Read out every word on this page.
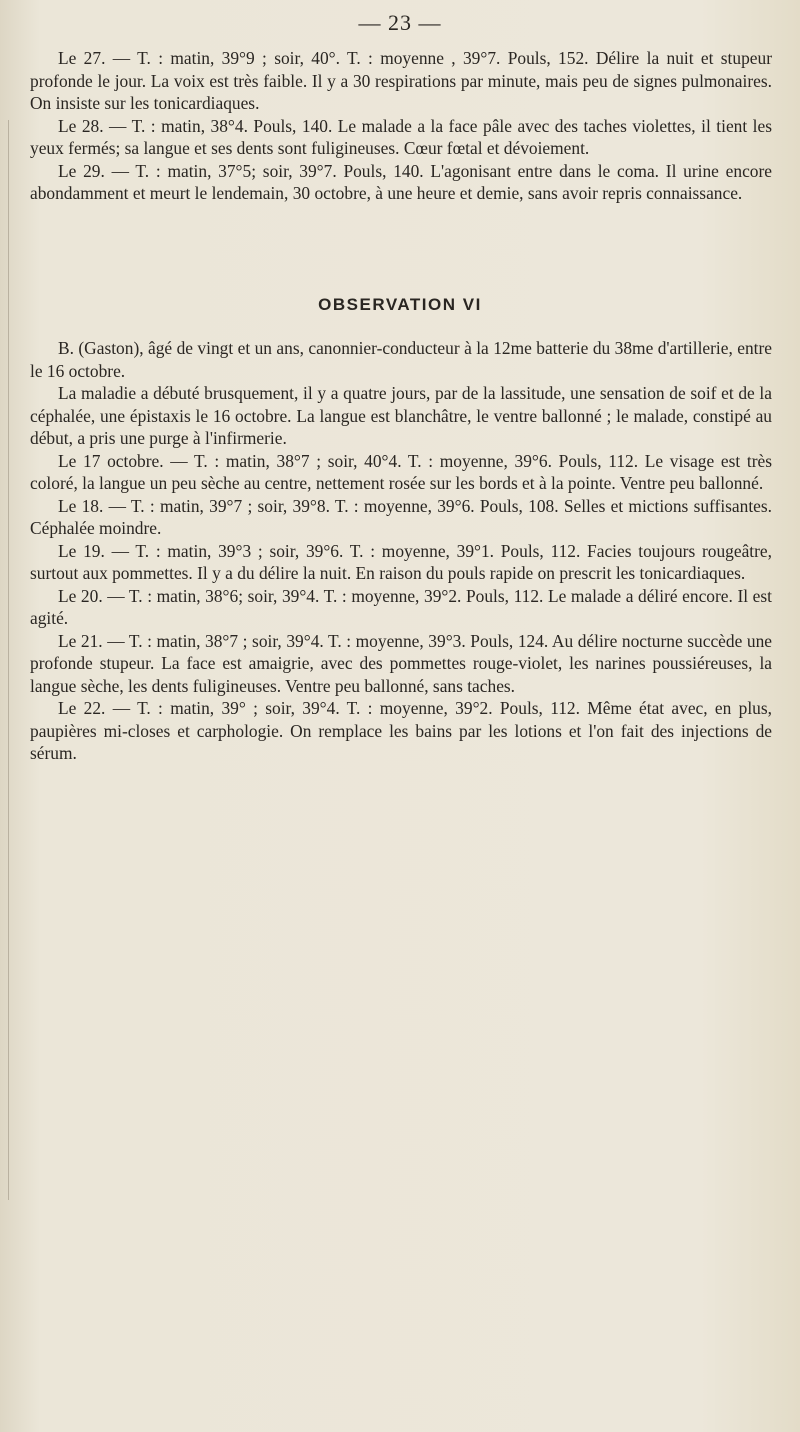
— 23 —

Le 27. — T. : matin, 39°9 ; soir, 40°. T. : moyenne , 39°7. Pouls, 152. Délire la nuit et stupeur profonde le jour. La voix est très faible. Il y a 30 respirations par minute, mais peu de signes pulmonaires. On insiste sur les tonicardiaques.

Le 28. — T. : matin, 38°4. Pouls, 140. Le malade a la face pâle avec des taches violettes, il tient les yeux fermés; sa langue et ses dents sont fuligineuses. Cœur fœtal et dévoiement.

Le 29. — T. : matin, 37°5; soir, 39°7. Pouls, 140. L'agonisant entre dans le coma. Il urine encore abondamment et meurt le lendemain, 30 octobre, à une heure et demie, sans avoir repris connaissance.

OBSERVATION VI

B. (Gaston), âgé de vingt et un ans, canonnier-conducteur à la 12me batterie du 38me d'artillerie, entre le 16 octobre.

La maladie a débuté brusquement, il y a quatre jours, par de la lassitude, une sensation de soif et de la céphalée, une épistaxis le 16 octobre. La langue est blanchâtre, le ventre ballonné ; le malade, constipé au début, a pris une purge à l'infirmerie.

Le 17 octobre. — T. : matin, 38°7 ; soir, 40°4. T. : moyenne, 39°6. Pouls, 112. Le visage est très coloré, la langue un peu sèche au centre, nettement rosée sur les bords et à la pointe. Ventre peu ballonné.

Le 18. — T. : matin, 39°7 ; soir, 39°8. T. : moyenne, 39°6. Pouls, 108. Selles et mictions suffisantes. Céphalée moindre.

Le 19. — T. : matin, 39°3 ; soir, 39°6. T. : moyenne, 39°1. Pouls, 112. Facies toujours rougeâtre, surtout aux pommettes. Il y a du délire la nuit. En raison du pouls rapide on prescrit les tonicardiaques.

Le 20. — T. : matin, 38°6; soir, 39°4. T. : moyenne, 39°2. Pouls, 112. Le malade a déliré encore. Il est agité.

Le 21. — T. : matin, 38°7 ; soir, 39°4. T. : moyenne, 39°3. Pouls, 124. Au délire nocturne succède une profonde stupeur. La face est amaigrie, avec des pommettes rouge-violet, les narines poussiéreuses, la langue sèche, les dents fuligineuses. Ventre peu ballonné, sans taches.

Le 22. — T. : matin, 39° ; soir, 39°4. T. : moyenne, 39°2. Pouls, 112. Même état avec, en plus, paupières mi-closes et carphologie. On remplace les bains par les lotions et l'on fait des injections de sérum.
